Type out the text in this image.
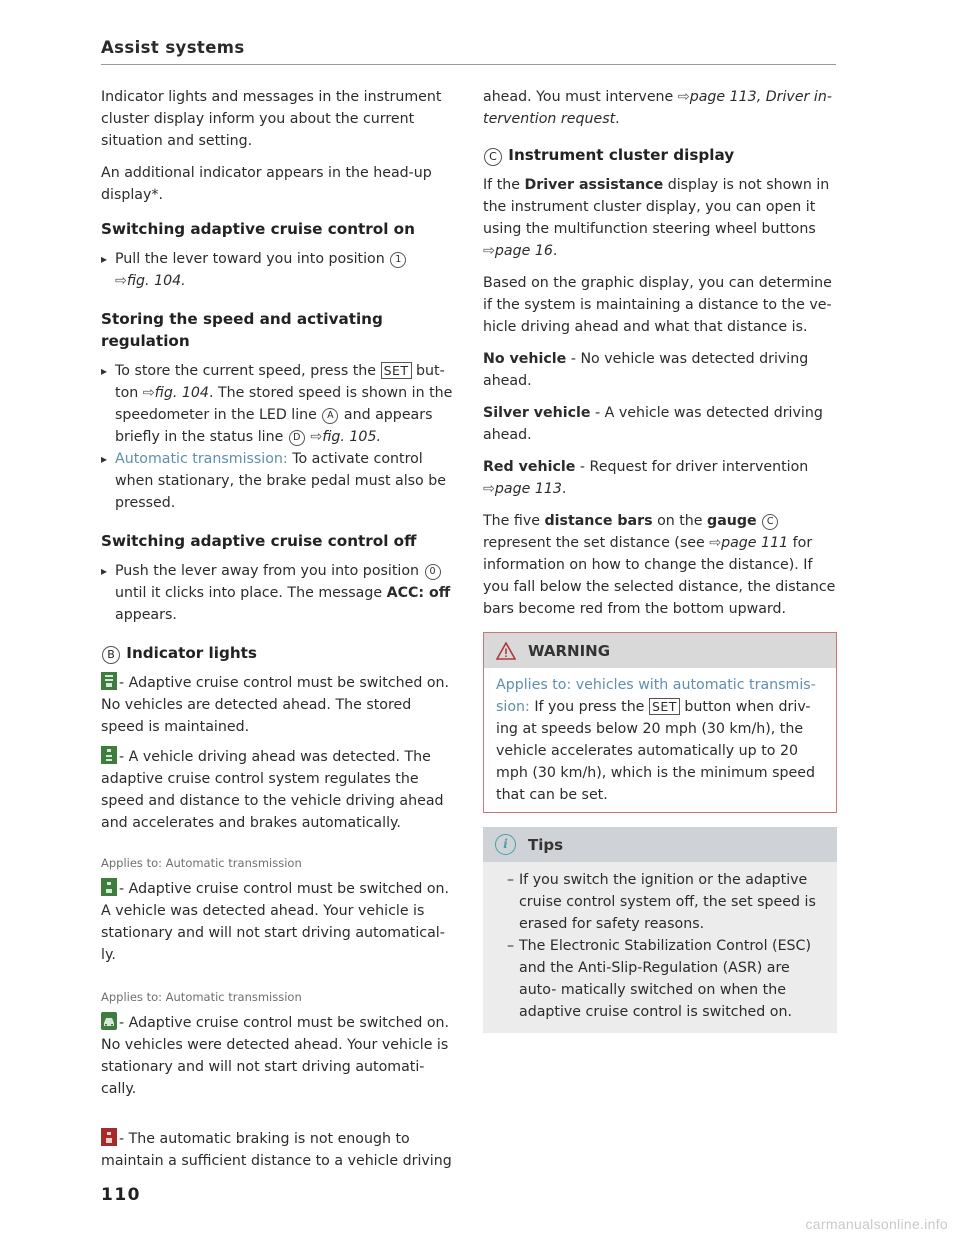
Assist systems

Indicator lights and messages in the instrument cluster display inform you about the current situation and setting.

An additional indicator appears in the head-up display*.

Switching adaptive cruise control on
▸ Pull the lever toward you into position 1
⇨fig. 104.
Storing the speed and activating regulation
▸ To store the current speed, press the SET but- ton ⇨fig. 104. The stored speed is shown in the speedometer in the LED line A and appears briefly in the status line D ⇨fig. 105.
▸ Automatic transmission: To activate control when stationary, the brake pedal must also be pressed.
Switching adaptive cruise control off
▸ Push the lever away from you into position 0 until it clicks into place. The message ACC: off appears.
B Indicator lights
- Adaptive cruise control must be switched on. No vehicles are detected ahead. The stored speed is maintained.
- A vehicle driving ahead was detected. The adaptive cruise control system regulates the speed and distance to the vehicle driving ahead and accelerates and brakes automatically.
Applies to: Automatic transmission
- Adaptive cruise control must be switched on. A vehicle was detected ahead. Your vehicle is stationary and will not start driving automatical- ly.
Applies to: Automatic transmission
- Adaptive cruise control must be switched on. No vehicles were detected ahead. Your vehicle is stationary and will not start driving automati- cally.
- The automatic braking is not enough to maintain a sufficient distance to a vehicle driving

ahead. You must intervene ⇨page 113, Driver in- tervention request.

C Instrument cluster display

If the Driver assistance display is not shown in the instrument cluster display, you can open it using the multifunction steering wheel buttons ⇨page 16.

Based on the graphic display, you can determine if the system is maintaining a distance to the ve- hicle driving ahead and what that distance is.

No vehicle - No vehicle was detected driving ahead.

Silver vehicle - A vehicle was detected driving ahead.

Red vehicle - Request for driver intervention
⇨page 113.

The five distance bars on the gauge C represent the set distance (see ⇨page 111 for information on how to change the distance). If you fall below the selected distance, the distance bars become red from the bottom upward.

WARNING
Applies to: vehicles with automatic transmis- sion: If you press the SET button when driv- ing at speeds below 20 mph (30 km/h), the vehicle accelerates automatically up to 20 mph (30 km/h), which is the minimum speed that can be set.
i	Tips
– If you switch the ignition or the adaptive cruise control system off, the set speed is erased for safety reasons.
– The Electronic Stabilization Control (ESC) and the Anti-Slip-Regulation (ASR) are auto- matically switched on when the adaptive cruise control is switched on.
110
carmanualsonline.info
